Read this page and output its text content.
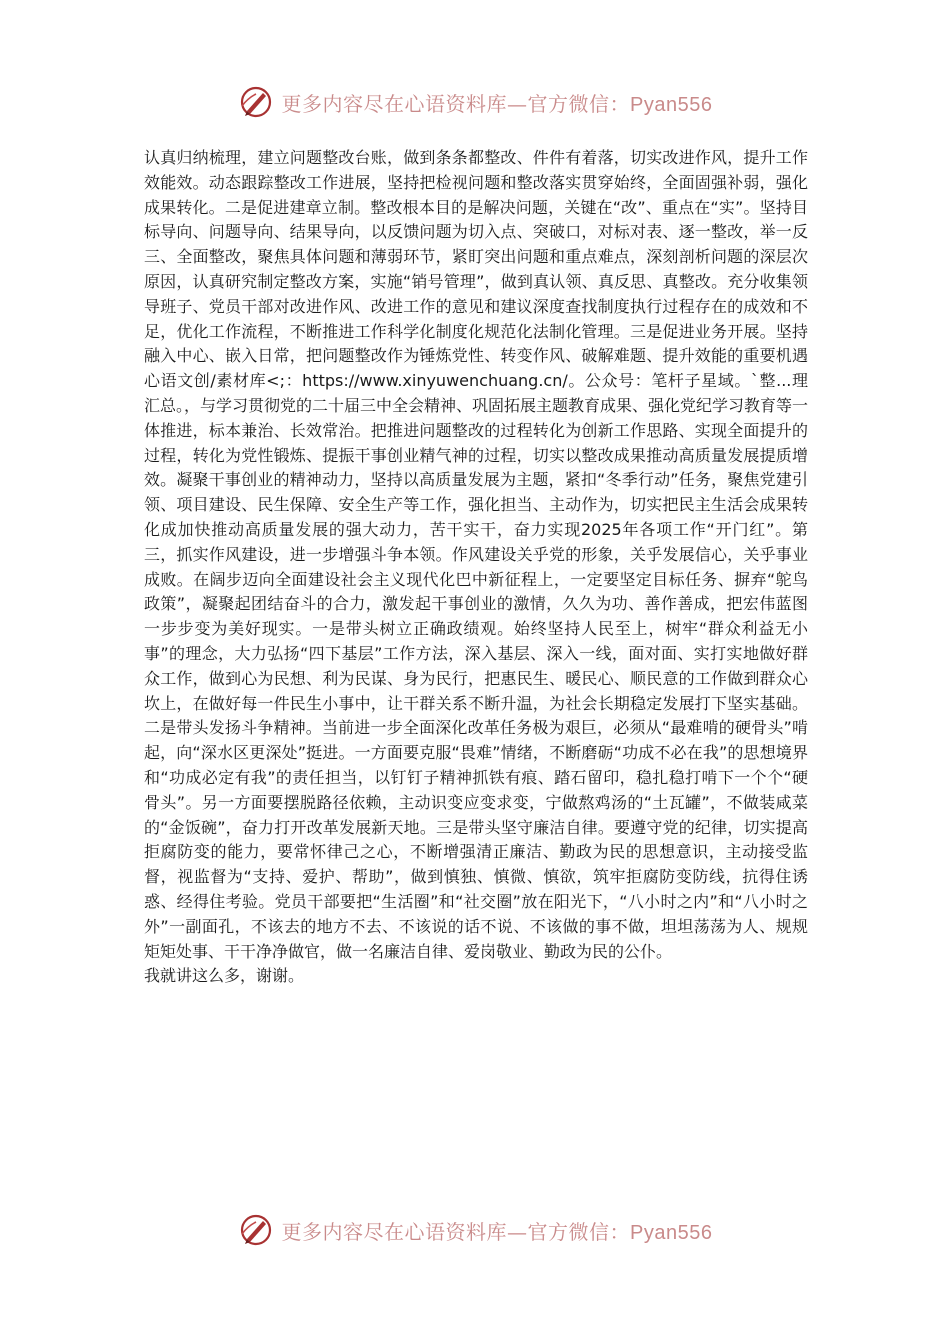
更多内容尽在心语资料库—官方微信：Pyan556

认真归纳梳理，建立问题整改台账，做到条条都整改、件件有着落，切实改进作风，提升工作效能效。动态跟踪整改工作进展，坚持把检视问题和整改落实贯穿始终，全面固强补弱，强化成果转化。二是促进建章立制。整改根本目的是解决问题，关键在“改”、重点在“实”。坚持目标导向、问题导向、结果导向，以反馈问题为切入点、突破口，对标对表、逐一整改，举一反三、全面整改，聚焦具体问题和薄弱环节，紧盯突出问题和重点难点，深刻剖析问题的深层次原因，认真研究制定整改方案，实施“销号管理”，做到真认领、真反思、真整改。充分收集领导班子、党员干部对改进作风、改进工作的意见和建议深度查找制度执行过程存在的成效和不足，优化工作流程，不断推进工作科学化制度化规范化法制化管理。三是促进业务开展。坚持融入中心、嵌入日常，把问题整改作为锤炼党性、转变作风、破解难题、提升效能的重要机遇心语文创/素材库<;：https://www.xinyuwenchuang.cn/。公众号：笔杆子星域。`整...理汇总。，与学习贯彻党的二十届三中全会精神、巩固拓展主题教育成果、强化党纪学习教育等一体推进，标本兼治、长效常治。把推进问题整改的过程转化为创新工作思路、实现全面提升的过程，转化为党性锻炼、提振干事创业精气神的过程，切实以整改成果推动高质量发展提质增效。凝聚干事创业的精神动力，坚持以高质量发展为主题，紧扣“冬季行动”任务，聚焦党建引领、项目建设、民生保障、安全生产等工作，强化担当、主动作为，切实把民主生活会成果转化成加快推动高质量发展的强大动力，苦干实干，奋力实现2025年各项工作“开门红”。第三，抓实作风建设，进一步增强斗争本领。作风建设关乎党的形象，关乎发展信心，关乎事业成败。在阔步迈向全面建设社会主义现代化巴中新征程上，一定要坚定目标任务、摒弃“鸵鸟政策”，凝聚起团结奋斗的合力，激发起干事创业的激情，久久为功、善作善成，把宏伟蓝图一步步变为美好现实。一是带头树立正确政绩观。始终坚持人民至上，树牢“群众利益无小事”的理念，大力弘扬“四下基层”工作方法，深入基层、深入一线，面对面、实打实地做好群众工作，做到心为民想、利为民谋、身为民行，把惠民生、暖民心、顺民意的工作做到群众心坎上，在做好每一件民生小事中，让干群关系不断升温，为社会长期稳定发展打下坚实基础。二是带头发扬斗争精神。当前进一步全面深化改革任务极为艰巨，必须从“最难啃的硬骨头”啃起，向“深水区更深处”挺进。一方面要克服“畏难”情绪，不断磨砺“功成不必在我”的思想境界和“功成必定有我”的责任担当，以钉钉子精神抓铁有痕、踏石留印，稳扎稳打啃下一个个“硬骨头”。另一方面要摆脱路径依赖，主动识变应变求变，宁做熬鸡汤的“土瓦罐”，不做装咸菜的“金饭碗”，奋力打开改革发展新天地。三是带头坚守廉洁自律。要遵守党的纪律，切实提高拒腐防变的能力，要常怀律己之心，不断增强清正廉洁、勤政为民的思想意识，主动接受监督，视监督为“支持、爱护、帮助”，做到慎独、慎微、慎欲，筑牢拒腐防变防线，抗得住诱惑、经得住考验。党员干部要把“生活圈”和“社交圈”放在阳光下，“八小时之内”和“八小时之外”一副面孔，不该去的地方不去、不该说的话不说、不该做的事不做，坦坦荡荡为人、规规矩矩处事、干干净净做官，做一名廉洁自律、爱岗敬业、勤政为民的公仆。

我就讲这么多，谢谢。

更多内容尽在心语资料库—官方微信：Pyan556
